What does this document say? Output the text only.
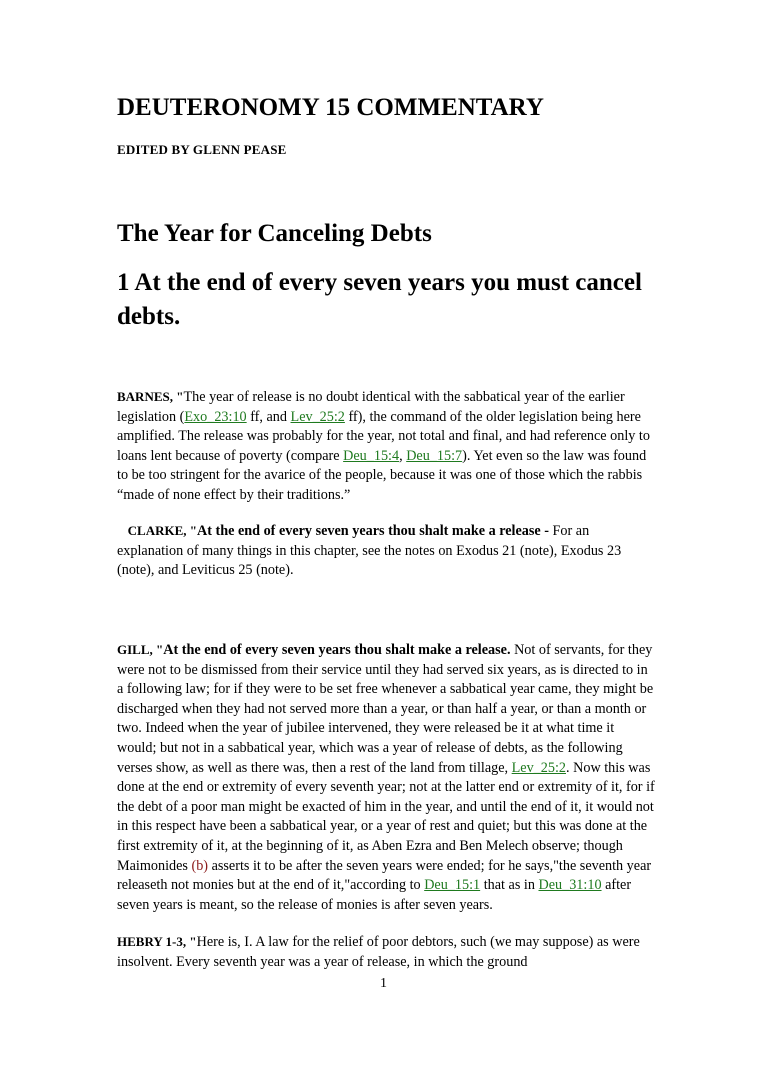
DEUTERONOMY 15 COMMENTARY
EDITED BY GLENN PEASE
The Year for Canceling Debts
1 At the end of every seven years you must cancel debts.

BARNES, "The year of release is no doubt identical with the sabbatical year of the earlier legislation (Exo_23:10 ff, and Lev_25:2 ff), the command of the older legislation being here amplified. The release was probably for the year, not total and final, and had reference only to loans lent because of poverty (compare Deu_15:4, Deu_15:7). Yet even so the law was found to be too stringent for the avarice of the people, because it was one of those which the rabbis “made of none effect by their traditions.”

CLARKE, "At the end of every seven years thou shalt make a release - For an explanation of many things in this chapter, see the notes on Exodus 21 (note), Exodus 23 (note), and Leviticus 25 (note).

GILL, "At the end of every seven years thou shalt make a release. Not of servants, for they were not to be dismissed from their service until they had served six years, as is directed to in a following law; for if they were to be set free whenever a sabbatical year came, they might be discharged when they had not served more than a year, or than half a year, or than a month or two. Indeed when the year of jubilee intervened, they were released be it at what time it would; but not in a sabbatical year, which was a year of release of debts, as the following verses show, as well as there was, then a rest of the land from tillage, Lev_25:2. Now this was done at the end or extremity of every seventh year; not at the latter end or extremity of it, for if the debt of a poor man might be exacted of him in the year, and until the end of it, it would not in this respect have been a sabbatical year, or a year of rest and quiet; but this was done at the first extremity of it, at the beginning of it, as Aben Ezra and Ben Melech observe; though Maimonides (b) asserts it to be after the seven years were ended; for he says,"the seventh year releaseth not monies but at the end of it,"according to Deu_15:1 that as in Deu_31:10 after seven years is meant, so the release of monies is after seven years.

HEBRY 1-3, "Here is, I. A law for the relief of poor debtors, such (we may suppose) as were insolvent. Every seventh year was a year of release, in which the ground

1
